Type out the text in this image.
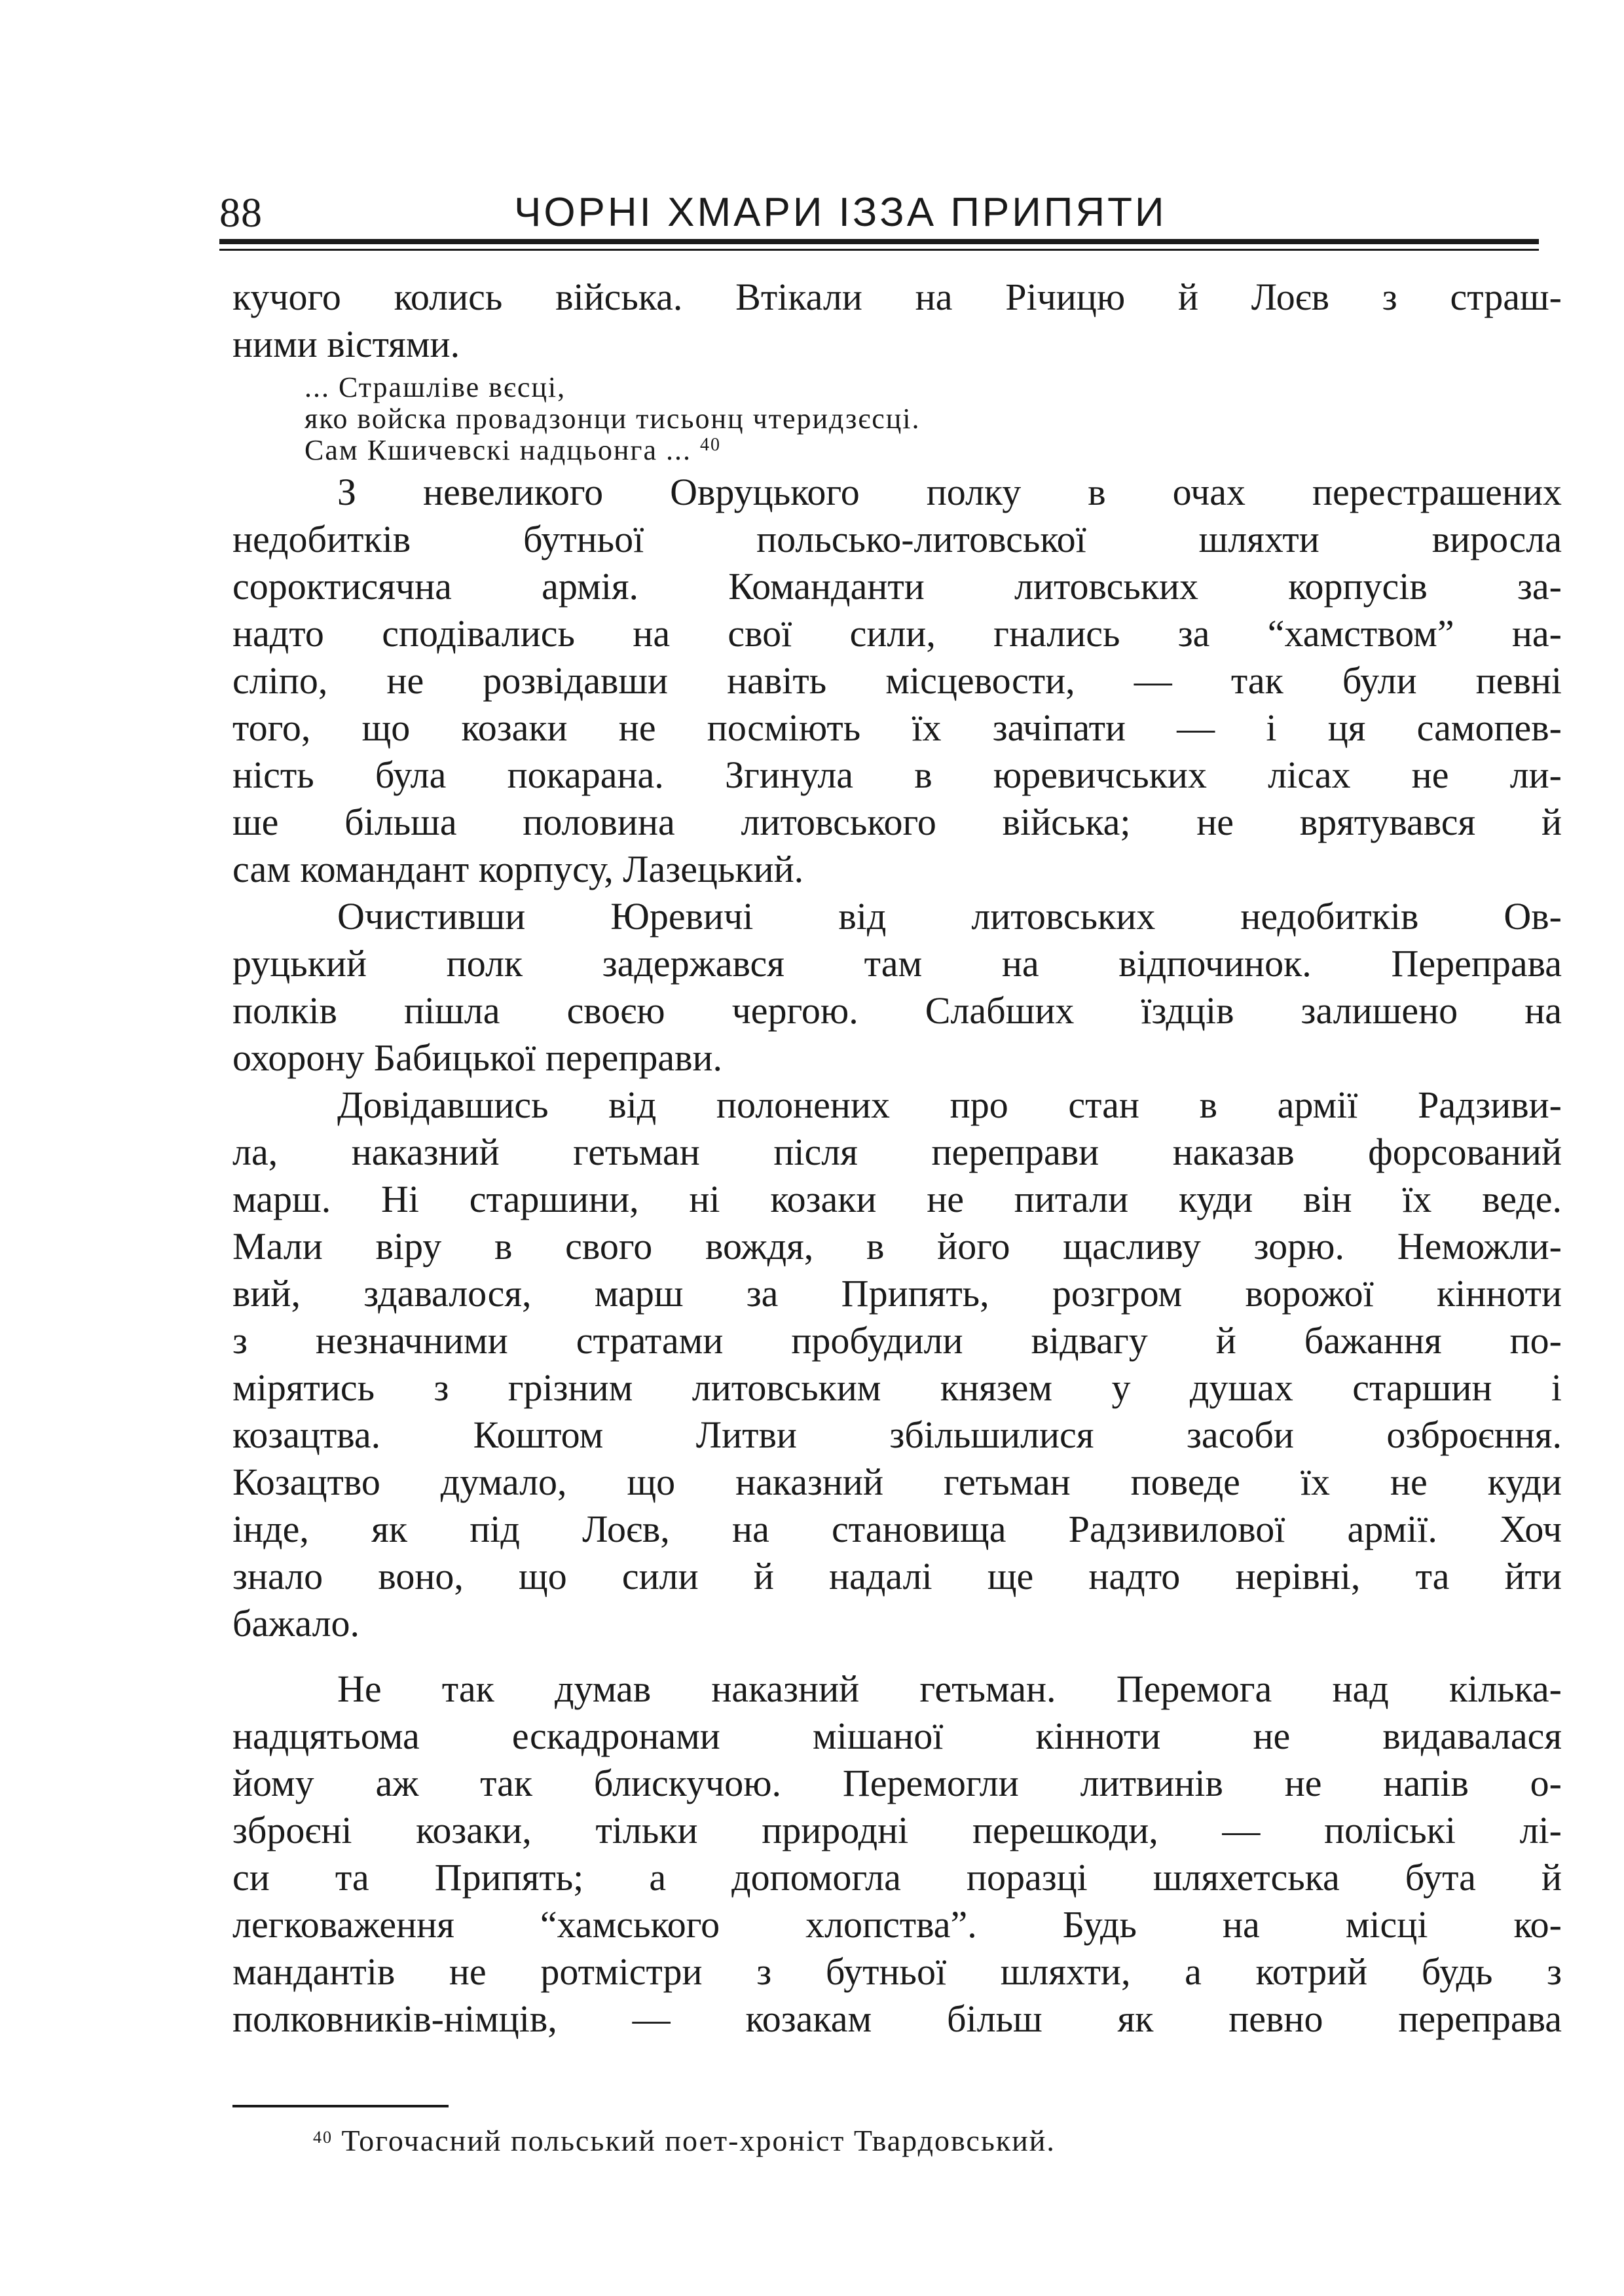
88	ЧОРНІ ХМАРИ ІЗЗА ПРИПЯТИ
кучого колись війська. Втікали на Річицю й Лоєв з страш-
ними вістями.
... Страшліве вєсці,
яко войска провадзонци тисьонц чтеридзєсці.
Сам Кшичевскі надцьонга ... $^{40}$
З невеликого Овруцького полку в очах перестрашених
недобитків бутньої польсько-литовської шляхти виросла
сороктисячна армія. Команданти литовських корпусів за-
надто сподівались на свої сили, гнались за “хамством” на-
сліпо, не розвідавши навіть місцевости, — так були певні
того, що козаки не посміють їх зачіпати — і ця самопев-
ність була покарана. Згинула в юревичських лісах не ли-
ше більша половина литовського війська; не врятувався й
сам командант корпусу, Лазецький.
Очистивши Юревичі від литовських недобитків Ов-
руцький полк задержався там на відпочинок. Переправа
полків пішла своєю чергою. Слабших їздців залишено на
охорону Бабицької переправи.
Довідавшись від полонених про стан в армії Радзиви-
ла, наказний гетьман після переправи наказав форсований
марш. Ні старшини, ні козаки не питали куди він їх веде.
Мали віру в свого вождя, в його щасливу зорю. Неможли-
вий, здавалося, марш за Припять, розгром ворожої кінноти
з незначними стратами пробудили відвагу й бажання по-
мірятись з грізним литовським князем у душах старшин і
козацтва. Коштом Литви збільшилися засоби озброєння.
Козацтво думало, що наказний гетьман поведе їх не куди
інде, як під Лоєв, на становища Радзивилової армії. Хоч
знало воно, що сили й надалі ще надто нерівні, та йти
бажало.
Не так думав наказний гетьман. Перемога над кілька-
надцятьома ескадронами мішаної кінноти не видавалася
йому аж так блискучою. Перемогли литвинів не напів о-
зброєні козаки, тільки природні перешкоди, — поліські лі-
си та Припять; а допомогла поразці шляхетська бута й
легковаження “хамського хлопства”. Будь на місці ко-
мандантів не ротмістри з бутньої шляхти, а котрий будь з
полковників-німців, — козакам більш як певно переправа
$^{40}$ Тогочасний польський поет-хроніст Твардовський.
